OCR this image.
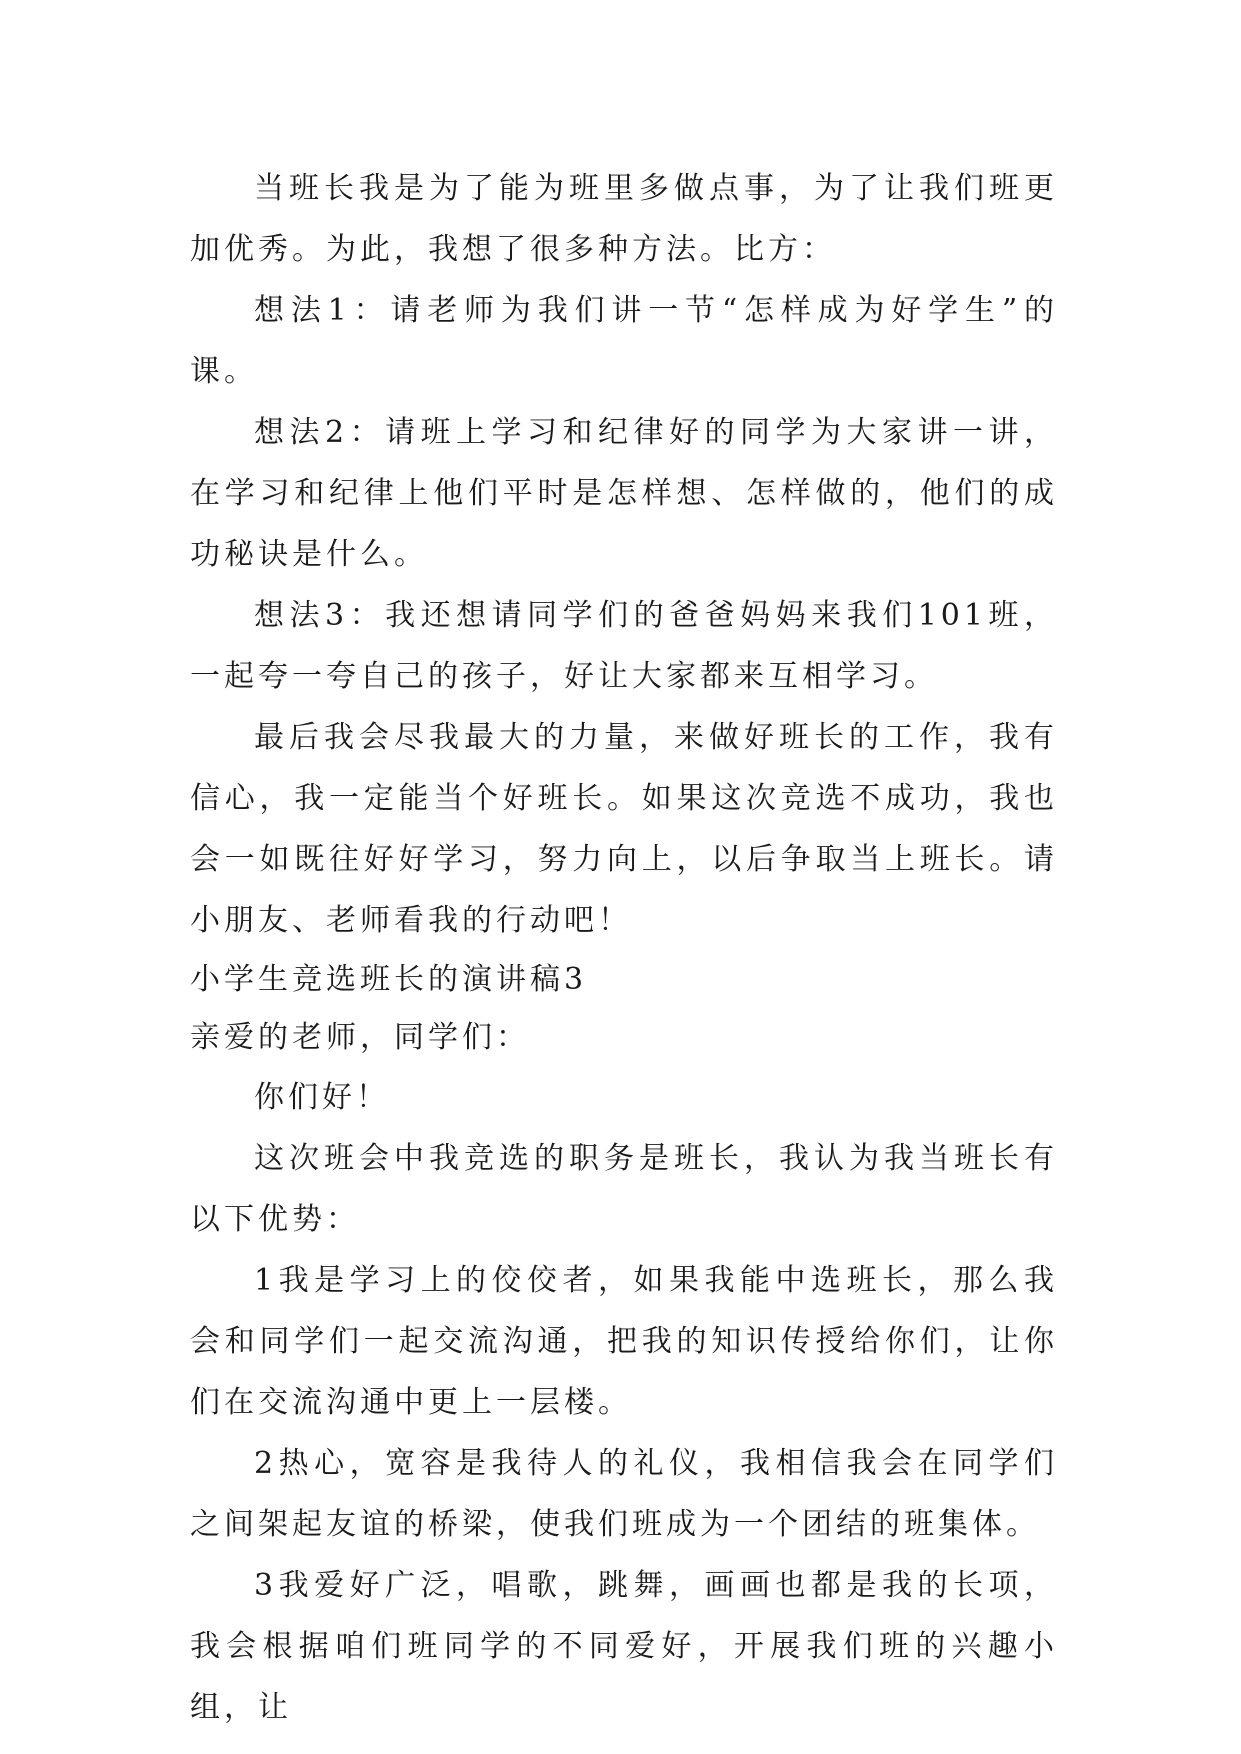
当班长我是为了能为班里多做点事，为了让我们班更加优秀。为此，我想了很多种方法。比方：

想法1：请老师为我们讲一节“怎样成为好学生”的课。

想法2：请班上学习和纪律好的同学为大家讲一讲，在学习和纪律上他们平时是怎样想、怎样做的，他们的成功秘诀是什么。

想法3：我还想请同学们的爸爸妈妈来我们101班，一起夸一夸自己的孩子，好让大家都来互相学习。

最后我会尽我最大的力量，来做好班长的工作，我有信心，我一定能当个好班长。如果这次竞选不成功，我也会一如既往好好学习，努力向上，以后争取当上班长。请小朋友、老师看我的行动吧！

小学生竞选班长的演讲稿3

亲爱的老师，同学们：

你们好！

这次班会中我竞选的职务是班长，我认为我当班长有以下优势：

1我是学习上的佼佼者，如果我能中选班长，那么我会和同学们一起交流沟通，把我的知识传授给你们，让你们在交流沟通中更上一层楼。

2热心，宽容是我待人的礼仪，我相信我会在同学们之间架起友谊的桥梁，使我们班成为一个团结的班集体。

3我爱好广泛，唱歌，跳舞，画画也都是我的长项，我会根据咱们班同学的不同爱好，开展我们班的兴趣小组，让
